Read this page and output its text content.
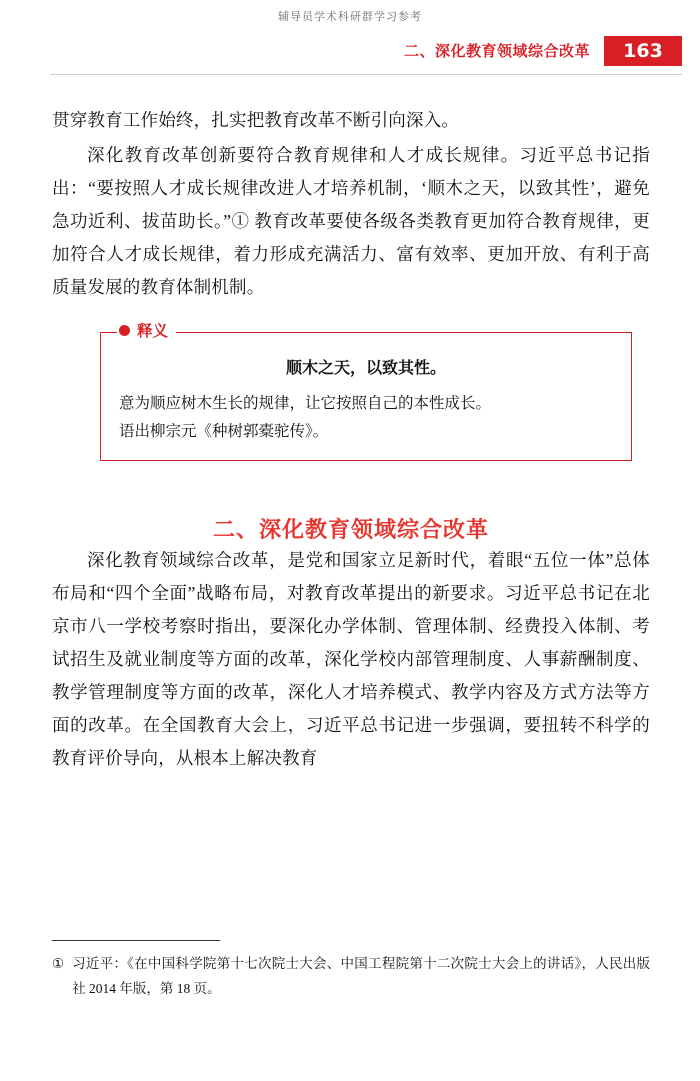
辅导员学术科研群学习参考
二、深化教育领域综合改革	163

贯穿教育工作始终，扎实把教育改革不断引向深入。

深化教育改革创新要符合教育规律和人才成长规律。习近平总书记指出：“要按照人才成长规律改进人才培养机制，‘顺木之天，以致其性’，避免急功近利、拔苗助长。”① 教育改革要使各级各类教育更加符合教育规律，更加符合人才成长规律，着力形成充满活力、富有效率、更加开放、有利于高质量发展的教育体制机制。

释义
顺木之天，以致其性。
意为顺应树木生长的规律，让它按照自己的本性成长。
语出柳宗元《种树郭橐驼传》。
二、深化教育领域综合改革

深化教育领域综合改革，是党和国家立足新时代，着眼“五位一体”总体布局和“四个全面”战略布局，对教育改革提出的新要求。习近平总书记在北京市八一学校考察时指出，要深化办学体制、管理体制、经费投入体制、考试招生及就业制度等方面的改革，深化学校内部管理制度、人事薪酬制度、教学管理制度等方面的改革，深化人才培养模式、教学内容及方式方法等方面的改革。在全国教育大会上，习近平总书记进一步强调，要扭转不科学的教育评价导向，从根本上解决教育

① 习近平：《在中国科学院第十七次院士大会、中国工程院第十二次院士大会上的讲话》，人民出版社 2014 年版，第 18 页。
